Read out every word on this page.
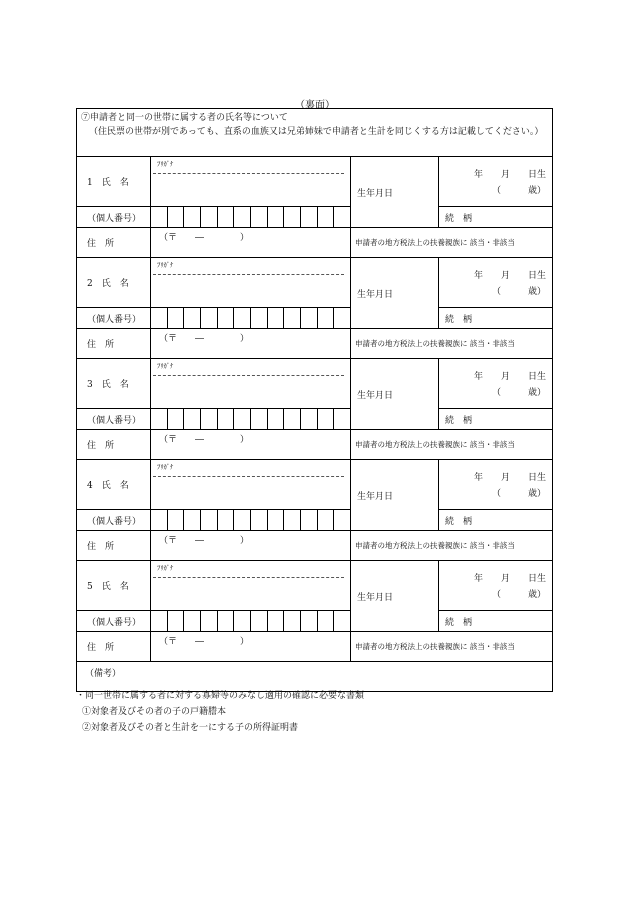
（裏面）
⑦申請者と同一の世帯に属する者の氏名等について
（住民票の世帯が別であっても、直系の血族又は兄弟姉妹で申請者と生計を同じくする方は記載してください。）				

1　氏　名	ﾌﾘｶﾞﾅ	生年月日	年　　月　　日生
（　　　歳）	

（個人番号）			続　柄	
住　所	（〒　　―　　　　）	申請者の地方税法上の扶養親族に 該当・非該当		
2　氏　名	ﾌﾘｶﾞﾅ	生年月日	年　　月　　日生
（　　　歳）	

（個人番号）			続　柄	
住　所	（〒　　―　　　　）	申請者の地方税法上の扶養親族に 該当・非該当		
3　氏　名	ﾌﾘｶﾞﾅ	生年月日	年　　月　　日生
（　　　歳）	

（個人番号）			続　柄	
住　所	（〒　　―　　　　）	申請者の地方税法上の扶養親族に 該当・非該当		
4　氏　名	ﾌﾘｶﾞﾅ	生年月日	年　　月　　日生
（　　　歳）	

（個人番号）			続　柄	
住　所	（〒　　―　　　　）	申請者の地方税法上の扶養親族に 該当・非該当		
5　氏　名	ﾌﾘｶﾞﾅ	生年月日	年　　月　　日生
（　　　歳）	

（個人番号）			続　柄	
住　所	（〒　　―　　　　）	申請者の地方税法上の扶養親族に 該当・非該当		
（備考）				
・同一世帯に属する者に対する寡婦等のみなし適用の確認に必要な書類
①対象者及びその者の子の戸籍謄本
②対象者及びその者と生計を一にする子の所得証明書
